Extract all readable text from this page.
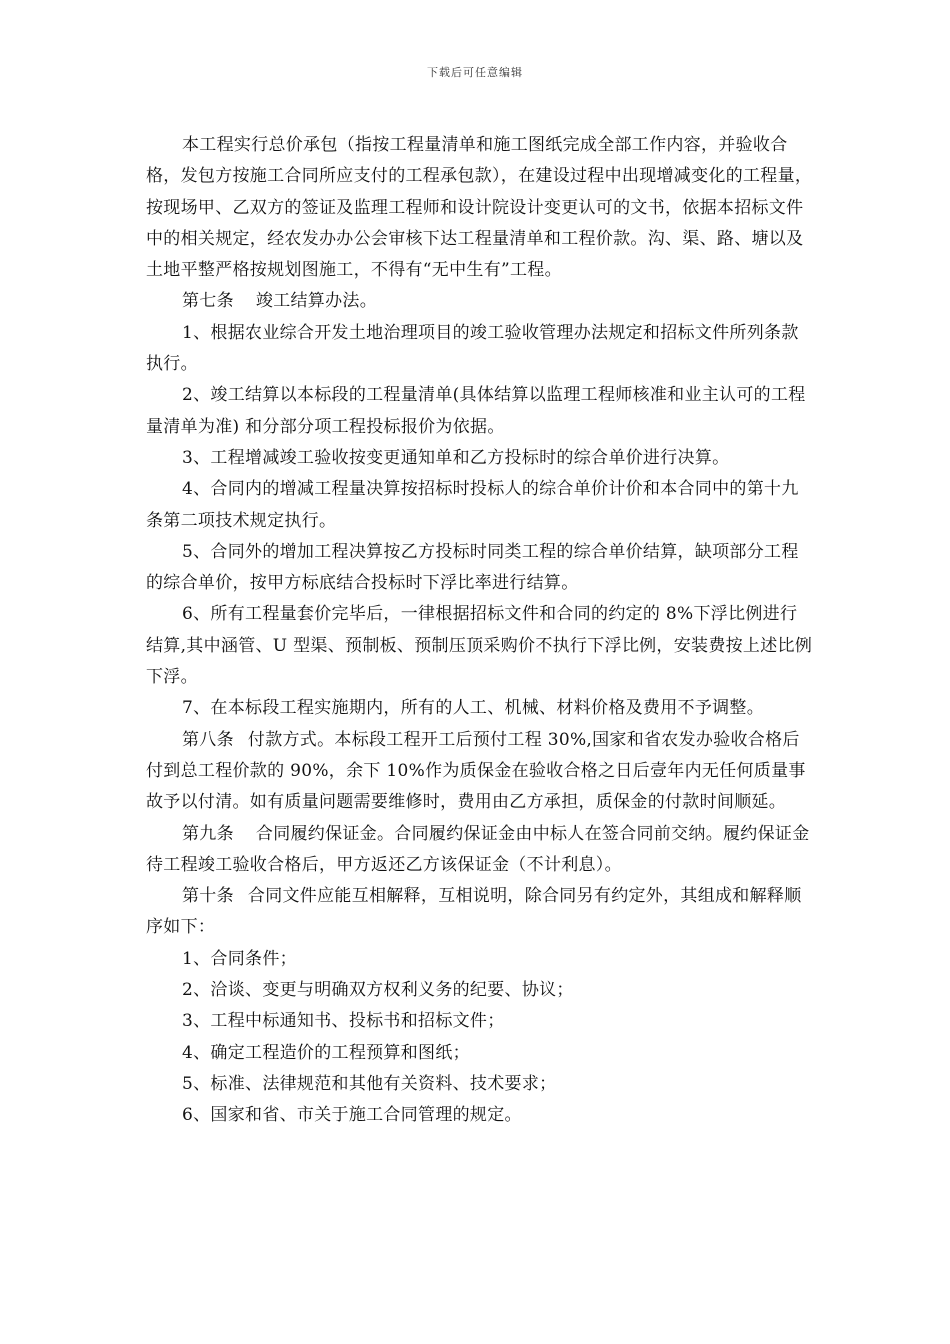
下载后可任意编辑

本工程实行总价承包（指按工程量清单和施工图纸完成全部工作内容，并验收合格，发包方按施工合同所应支付的工程承包款），在建设过程中出现增减变化的工程量，按现场甲、乙双方的签证及监理工程师和设计院设计变更认可的文书，依据本招标文件中的相关规定，经农发办办公会审核下达工程量清单和工程价款。沟、渠、路、塘以及土地平整严格按规划图施工，不得有“无中生有”工程。

第七条 竣工结算办法。

1、根据农业综合开发土地治理项目的竣工验收管理办法规定和招标文件所列条款执行。

2、竣工结算以本标段的工程量清单(具体结算以监理工程师核准和业主认可的工程量清单为准) 和分部分项工程投标报价为依据。

3、工程增减竣工验收按变更通知单和乙方投标时的综合单价进行决算。

4、合同内的增减工程量决算按招标时投标人的综合单价计价和本合同中的第十九条第二项技术规定执行。

5、合同外的增加工程决算按乙方投标时同类工程的综合单价结算，缺项部分工程的综合单价，按甲方标底结合投标时下浮比率进行结算。

6、所有工程量套价完毕后，一律根据招标文件和合同的约定的 8%下浮比例进行结算,其中涵管、U 型渠、预制板、预制压顶采购价不执行下浮比例，安装费按上述比例下浮。

7、在本标段工程实施期内，所有的人工、机械、材料价格及费用不予调整。

第八条 付款方式。本标段工程开工后预付工程 30%,国家和省农发办验收合格后付到总工程价款的 90%，余下 10%作为质保金在验收合格之日后壹年内无任何质量事故予以付清。如有质量问题需要维修时，费用由乙方承担，质保金的付款时间顺延。

第九条 合同履约保证金。合同履约保证金由中标人在签合同前交纳。履约保证金待工程竣工验收合格后，甲方返还乙方该保证金（不计利息）。

第十条 合同文件应能互相解释，互相说明，除合同另有约定外，其组成和解释顺序如下：

1、合同条件；

2、洽谈、变更与明确双方权利义务的纪要、协议；

3、工程中标通知书、投标书和招标文件；

4、确定工程造价的工程预算和图纸；

5、标准、法律规范和其他有关资料、技术要求；

6、国家和省、市关于施工合同管理的规定。
